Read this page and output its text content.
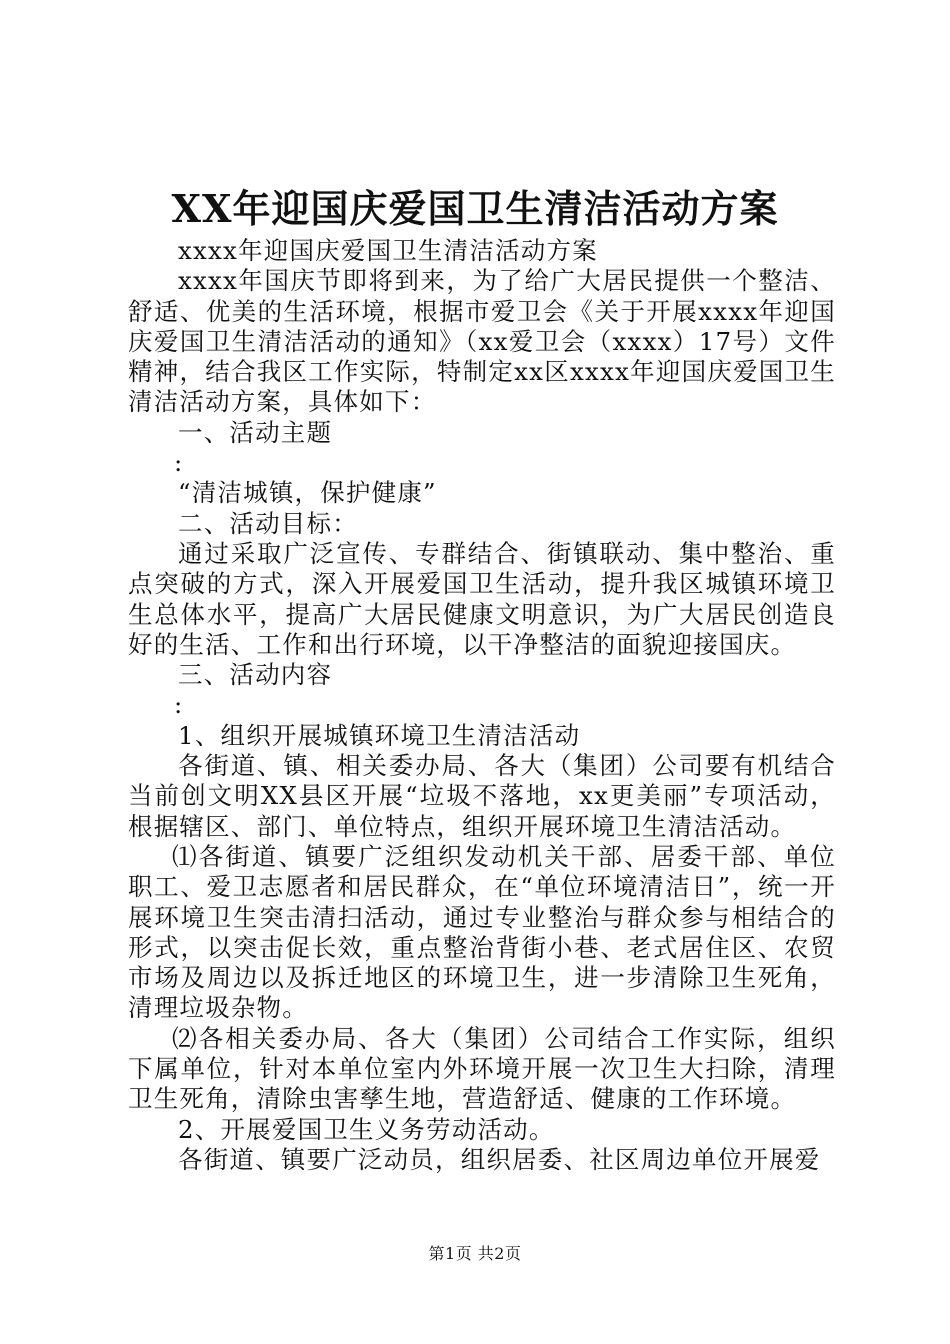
XX年迎国庆爱国卫生清洁活动方案

xxxx年迎国庆爱国卫生清洁活动方案

xxxx年国庆节即将到来，为了给广大居民提供一个整洁、舒适、优美的生活环境，根据市爱卫会《关于开展xxxx年迎国庆爱国卫生清洁活动的通知》（xx爱卫会（xxxx）17号）文件精神，结合我区工作实际，特制定xx区xxxx年迎国庆爱国卫生清洁活动方案，具体如下：

一、活动主题

:

“清洁城镇，保护健康”

二、活动目标：

通过采取广泛宣传、专群结合、街镇联动、集中整治、重点突破的方式，深入开展爱国卫生活动，提升我区城镇环境卫生总体水平，提高广大居民健康文明意识，为广大居民创造良好的生活、工作和出行环境，以干净整洁的面貌迎接国庆。

三、活动内容

:

1、组织开展城镇环境卫生清洁活动

各街道、镇、相关委办局、各大（集团）公司要有机结合当前创文明XX县区开展“垃圾不落地，xx更美丽”专项活动，根据辖区、部门、单位特点，组织开展环境卫生清洁活动。

⑴各街道、镇要广泛组织发动机关干部、居委干部、单位职工、爱卫志愿者和居民群众，在“单位环境清洁日”，统一开展环境卫生突击清扫活动，通过专业整治与群众参与相结合的形式，以突击促长效，重点整治背街小巷、老式居住区、农贸市场及周边以及拆迁地区的环境卫生，进一步清除卫生死角，清理垃圾杂物。

⑵各相关委办局、各大（集团）公司结合工作实际，组织下属单位，针对本单位室内外环境开展一次卫生大扫除，清理卫生死角，清除虫害孳生地，营造舒适、健康的工作环境。

2、开展爱国卫生义务劳动活动。

各街道、镇要广泛动员，组织居委、社区周边单位开展爱

第1页 共2页
